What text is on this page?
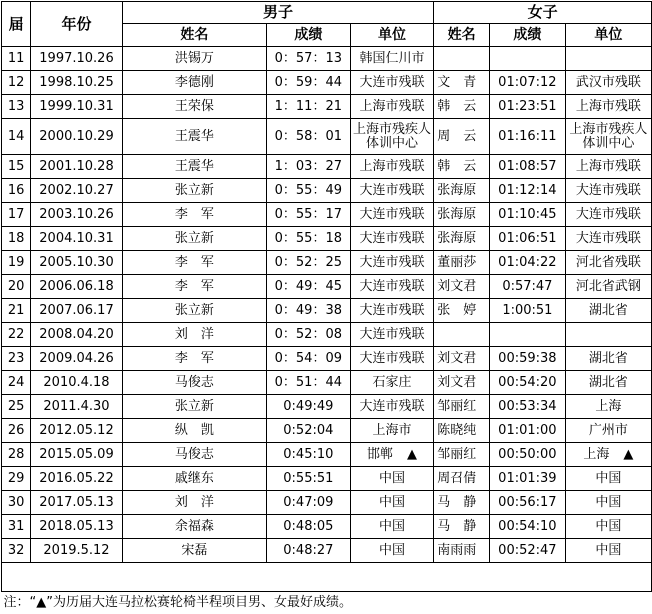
届	年份	男子			女子		
		姓名	成绩	单位	姓名	成绩	单位
11	1997.10.26	洪锡万	0：57：13	韩国仁川市			
12	1998.10.25	李德刚	0：59：44	大连市残联	文　青	01:07:12	武汉市残联
13	1999.10.31	王荣保	1：11：21	上海市残联	韩　云	01:23:51	上海市残联
14	2000.10.29	王震华	0：58：01	上海市残疾人体训中心	周　云	01:16:11	上海市残疾人体训中心
15	2001.10.28	王震华	1：03：27	上海市残联	韩　云	01:08:57	上海市残联
16	2002.10.27	张立新	0：55：49	大连市残联	张海原	01:12:14	大连市残联
17	2003.10.26	李　军	0：55：17	大连市残联	张海原	01:10:45	大连市残联
18	2004.10.31	张立新	0：55：18	大连市残联	张海原	01:06:51	大连市残联
19	2005.10.30	李　军	0：52：25	大连市残联	董丽莎	01:04:22	河北省残联
20	2006.06.18	李　军	0：49：45	大连市残联	刘文君	0:57:47	河北省武钢
21	2007.06.17	张立新	0：49：38	大连市残联	张　婷	1:00:51	湖北省
22	2008.04.20	刘　洋	0：52：08	大连市残联			
23	2009.04.26	李　军	0：54：09	大连市残联	刘文君	00:59:38	湖北省
24	2010.4.18	马俊志	0：51：44	石家庄	刘文君	00:54:20	湖北省
25	2011.4.30	张立新	0:49:49	大连市残联	邹丽红	00:53:34	上海
26	2012.05.12	纵　凯	0:52:04	上海市	陈晓纯	01:01:00	广州市
28	2015.05.09	马俊志	0:45:10	邯郸 ▲	邹丽红	00:50:00	上海 ▲
29	2016.05.22	戚继东	0:55:51	中国	周召倩	01:01:39	中国
30	2017.05.13	刘　洋	0:47:09	中国	马　静	00:56:17	中国
31	2018.05.13	余福森	0:48:05	中国	马　静	00:54:10	中国
32	2019.5.12	宋磊	0:48:27	中国	南雨雨	00:52:47	中国

注：“▲”为历届大连马拉松赛轮椅半程项目男、女最好成绩。							
